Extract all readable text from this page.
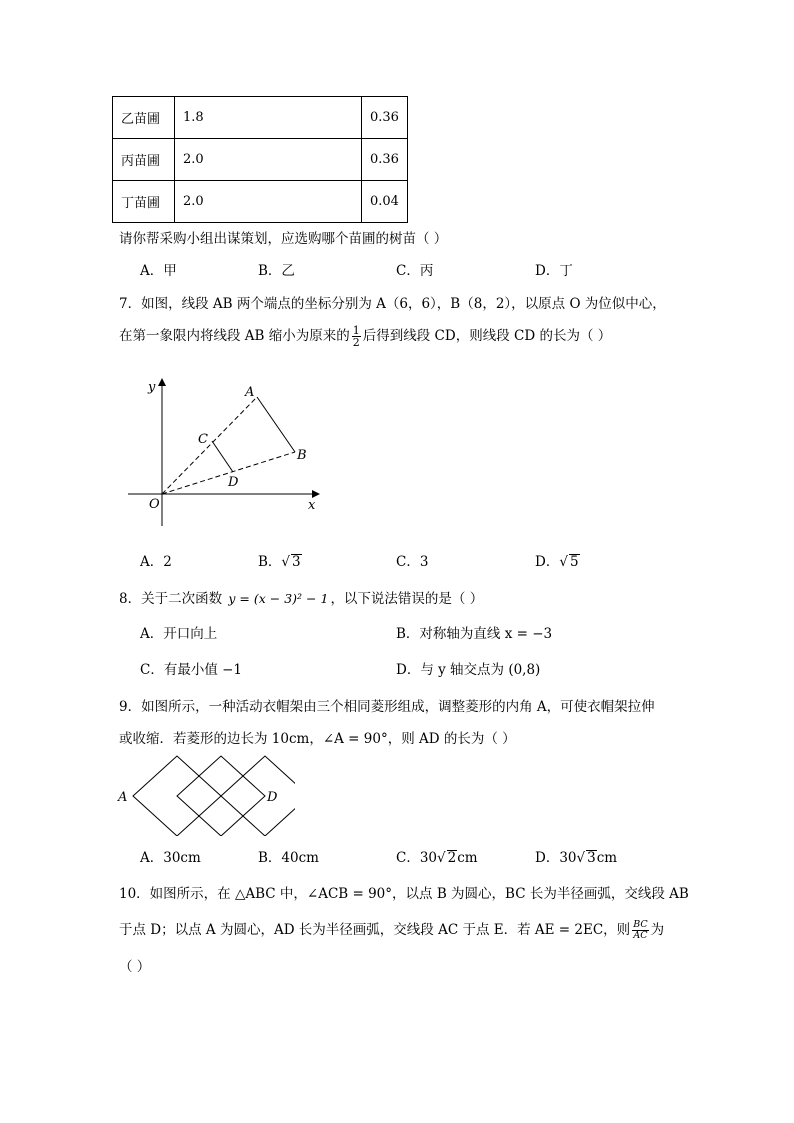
乙苗圃	1.8	0.36
丙苗圃	2.0	0.36
丁苗圃	2.0	0.04
请你帮采购小组出谋策划，应选购哪个苗圃的树苗（ ）
A．甲	B．乙	C．丙	D．丁
7．如图，线段 AB 两个端点的坐标分别为 A（6，6），B（8，2），以原点 O 为位似中心，
在第一象限内将线段 AB 缩小为原来的 $\frac{1}{2}$ 后得到线段 CD，则线段 CD 的长为（ ）
y
x
O
A
B
C
D
A．2	B．√ 3	C．3	D．√ 5
8．关于二次函数 y = (x − 3)² − 1 ，以下说法错误的是（ ）
A．开口向上	B．对称轴为直线 x = −3
C．有最小值 −1	D．与 y 轴交点为 (0,8)
9．如图所示，一种活动衣帽架由三个相同菱形组成，调整菱形的内角 A，可使衣帽架拉伸
或收缩．若菱形的边长为 10cm，∠A = 90°，则 AD 的长为（ ）
A	D
A．30cm	B．40cm	C．30√ 2cm	D．30√ 3cm
10．如图所示，在 △ABC 中，∠ACB = 90°，以点 B 为圆心，BC 长为半径画弧，交线段 AB
于点 D；以点 A 为圆心，AD 长为半径画弧，交线段 AC 于点 E．若 AE = 2EC，则 $\frac{BC}{AC}$ 为
（ ）
